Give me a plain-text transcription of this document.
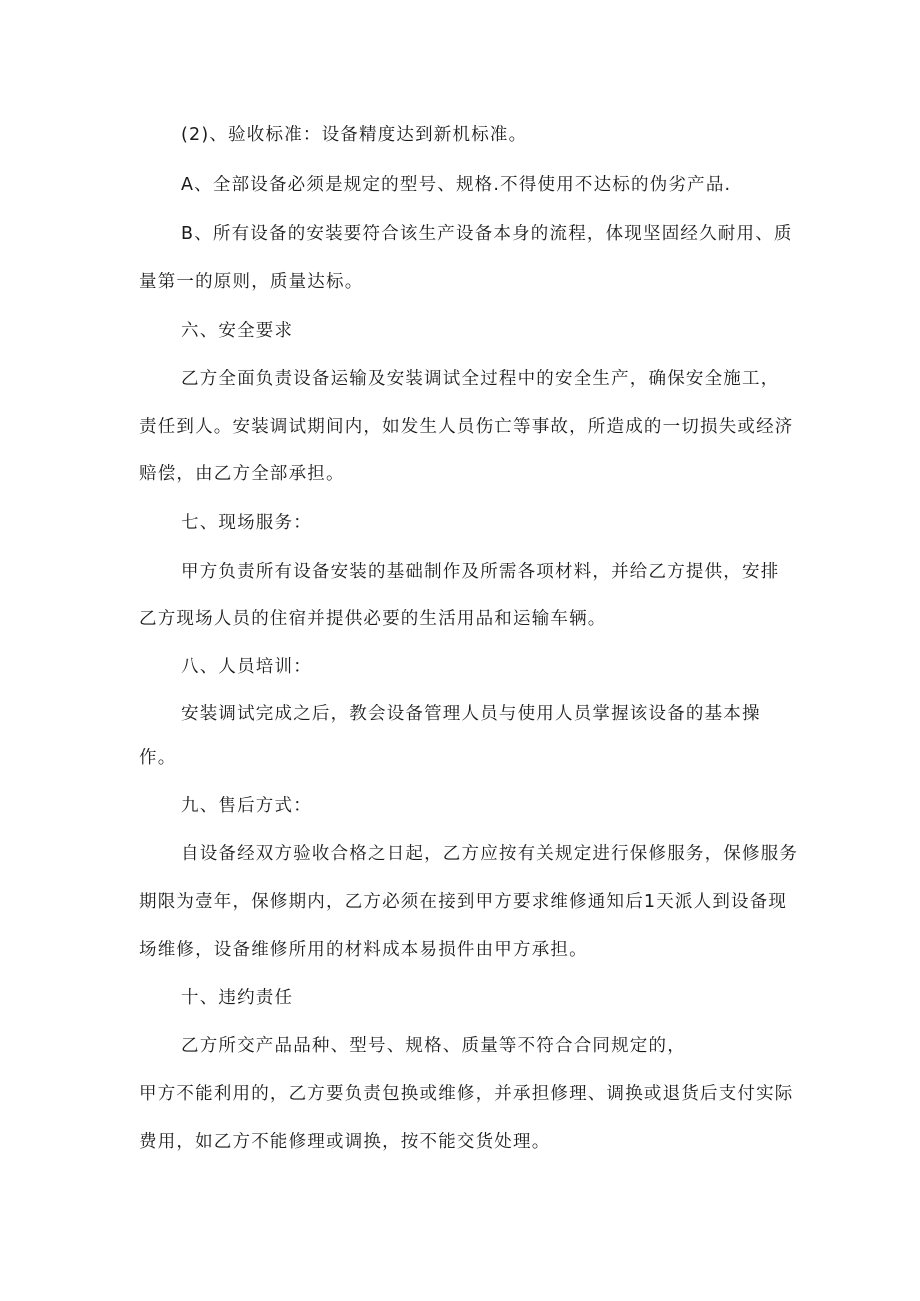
(2)、验收标准：设备精度达到新机标准。
A、全部设备必须是规定的型号、规格.不得使用不达标的伪劣产品.
B、所有设备的安装要符合该生产设备本身的流程，体现坚固经久耐用、质
量第一的原则，质量达标。
六、安全要求
乙方全面负责设备运输及安装调试全过程中的安全生产，确保安全施工，
责任到人。安装调试期间内，如发生人员伤亡等事故，所造成的一切损失或经济
赔偿，由乙方全部承担。
七、现场服务：
甲方负责所有设备安装的基础制作及所需各项材料，并给乙方提供，安排
乙方现场人员的住宿并提供必要的生活用品和运输车辆。
八、人员培训：
安装调试完成之后，教会设备管理人员与使用人员掌握该设备的基本操
作。
九、售后方式：
自设备经双方验收合格之日起，乙方应按有关规定进行保修服务，保修服务
期限为壹年，保修期内，乙方必须在接到甲方要求维修通知后1天派人到设备现
场维修，设备维修所用的材料成本易损件由甲方承担。
十、违约责任
乙方所交产品品种、型号、规格、质量等不符合合同规定的，
甲方不能利用的，乙方要负责包换或维修，并承担修理、调换或退货后支付实际
费用，如乙方不能修理或调换，按不能交货处理。
